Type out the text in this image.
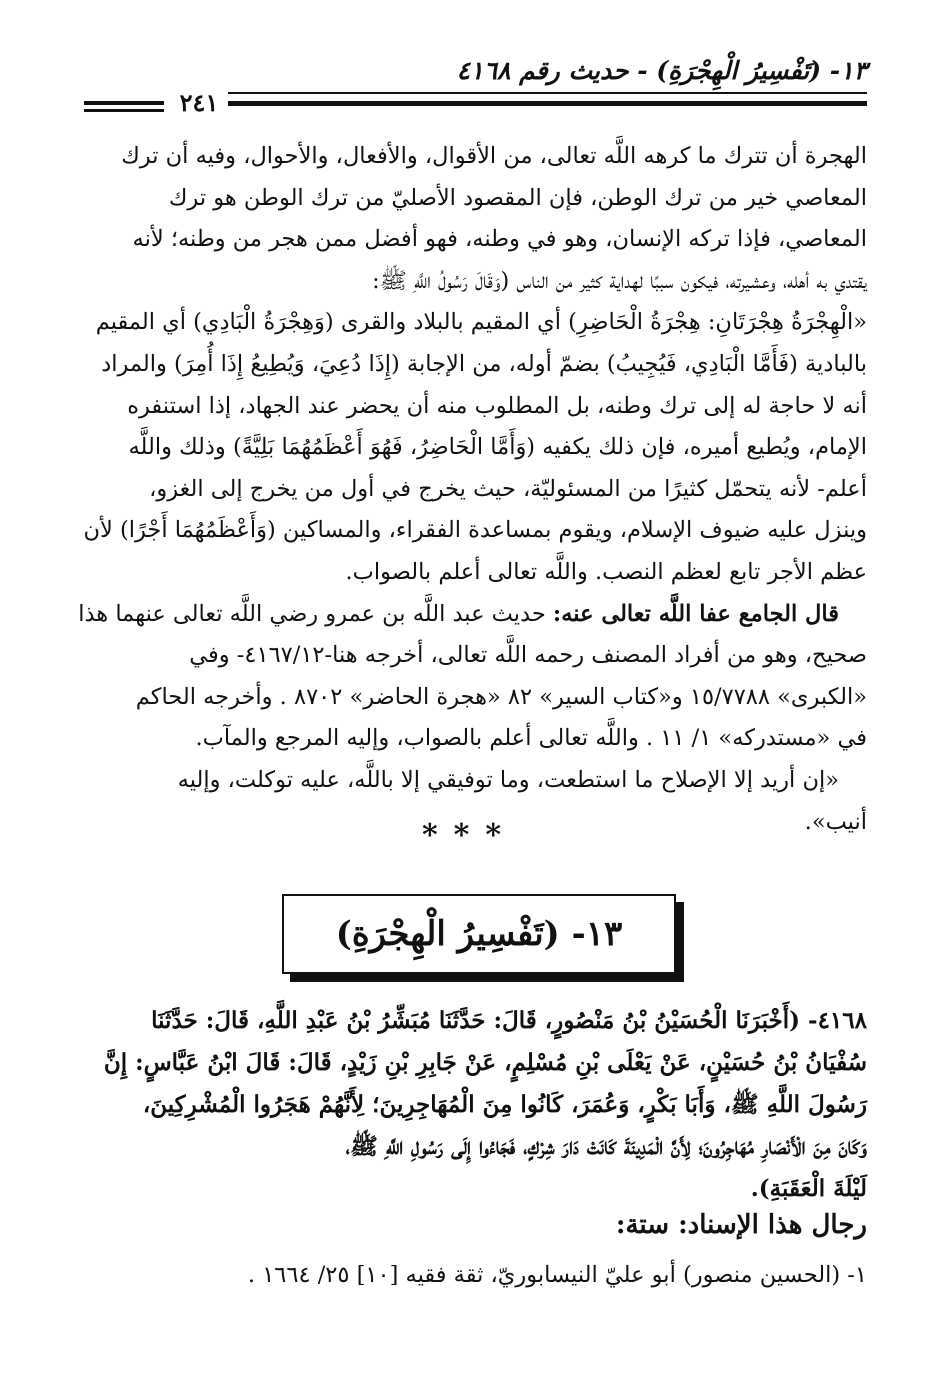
١٣- (تَفْسِيرُ الْهِجْرَةِ) - حديث رقم ٤١٦٨
٢٤١

الهجرة أن تترك ما كرهه اللَّه تعالى، من الأقوال، والأفعال، والأحوال، وفيه أن ترك

المعاصي خير من ترك الوطن، فإن المقصود الأصليّ من ترك الوطن هو ترك

المعاصي، فإذا تركه الإنسان، وهو في وطنه، فهو أفضل ممن هجر من وطنه؛ لأنه

يقتدي به أهله، وعشيرته، فيكون سببًا لهداية كثير من الناس (وَقَالَ رَسُولُ اللَّهِ ﷺ:

«الْهِجْرَةُ هِجْرَتَانِ: هِجْرَةُ الْحَاضِرِ) أي المقيم بالبلاد والقرى (وَهِجْرَةُ الْبَادِي) أي المقيم

بالبادية (فَأَمَّا الْبَادِي، فَيُجِيبُ) بضمّ أوله، من الإجابة (إِذَا دُعِيَ، وَيُطِيعُ إِذَا أُمِرَ) والمراد

أنه لا حاجة له إلى ترك وطنه، بل المطلوب منه أن يحضر عند الجهاد، إذا استنفره

الإمام، ويُطيع أميره، فإن ذلك يكفيه (وَأَمَّا الْحَاضِرُ، فَهُوَ أَعْظَمُهُمَا بَلِيَّةً) وذلك واللَّه

أعلم- لأنه يتحمّل كثيرًا من المسئوليّة، حيث يخرج في أول من يخرج إلى الغزو،

وينزل عليه ضيوف الإسلام، ويقوم بمساعدة الفقراء، والمساكين (وَأَعْظَمُهُمَا أَجْرًا) لأن

عظم الأجر تابع لعظم النصب. واللَّه تعالى أعلم بالصواب.

قال الجامع عفا اللَّه تعالى عنه: حديث عبد اللَّه بن عمرو رضي اللَّه تعالى عنهما هذا

صحيح، وهو من أفراد المصنف رحمه اللَّه تعالى، أخرجه هنا-٤١٦٧/١٢- وفي

«الكبرى» ١٥/٧٧٨٨ و«كتاب السير» ٨٢ «هجرة الحاضر» ٨٧٠٢ . وأخرجه الحاكم

في «مستدركه» ١/ ١١ . واللَّه تعالى أعلم بالصواب، وإليه المرجع والمآب.

«إن أريد إلا الإصلاح ما استطعت، وما توفيقي إلا باللَّه، عليه توكلت، وإليه

أنيب».

***
١٣- (تَفْسِيرُ الْهِجْرَةِ)
٤١٦٨- (أَخْبَرَنَا الْحُسَيْنُ بْنُ مَنْصُورٍ، قَالَ: حَدَّثَنَا مُبَشِّرُ بْنُ عَبْدِ اللَّهِ، قَالَ: حَدَّثَنَا
سُفْيَانُ بْنُ حُسَيْنٍ، عَنْ يَعْلَى بْنِ مُسْلِمٍ، عَنْ جَابِرِ بْنِ زَيْدٍ، قَالَ: قَالَ ابْنُ عَبَّاسٍ: إِنَّ
رَسُولَ اللَّهِ ﷺ، وَأَبَا بَكْرٍ، وَعُمَرَ، كَانُوا مِنَ الْمُهَاجِرِينَ؛ لِأَنَّهُمْ هَجَرُوا الْمُشْرِكِينَ،
وَكَانَ مِنَ الْأَنْصَارِ مُهَاجِرُونَ؛ لِأَنَّ الْمَدِينَةَ كَانَتْ دَارَ شِرْكٍ، فَجَاءُوا إِلَى رَسُولِ اللَّهِ ﷺ،
لَيْلَةَ الْعَقَبَةِ).
رجال هذا الإسناد: ستة:
١- (الحسين منصور) أبو عليّ النيسابوريّ، ثقة فقيه [١٠] ٢٥/ ١٦٦٤ .
